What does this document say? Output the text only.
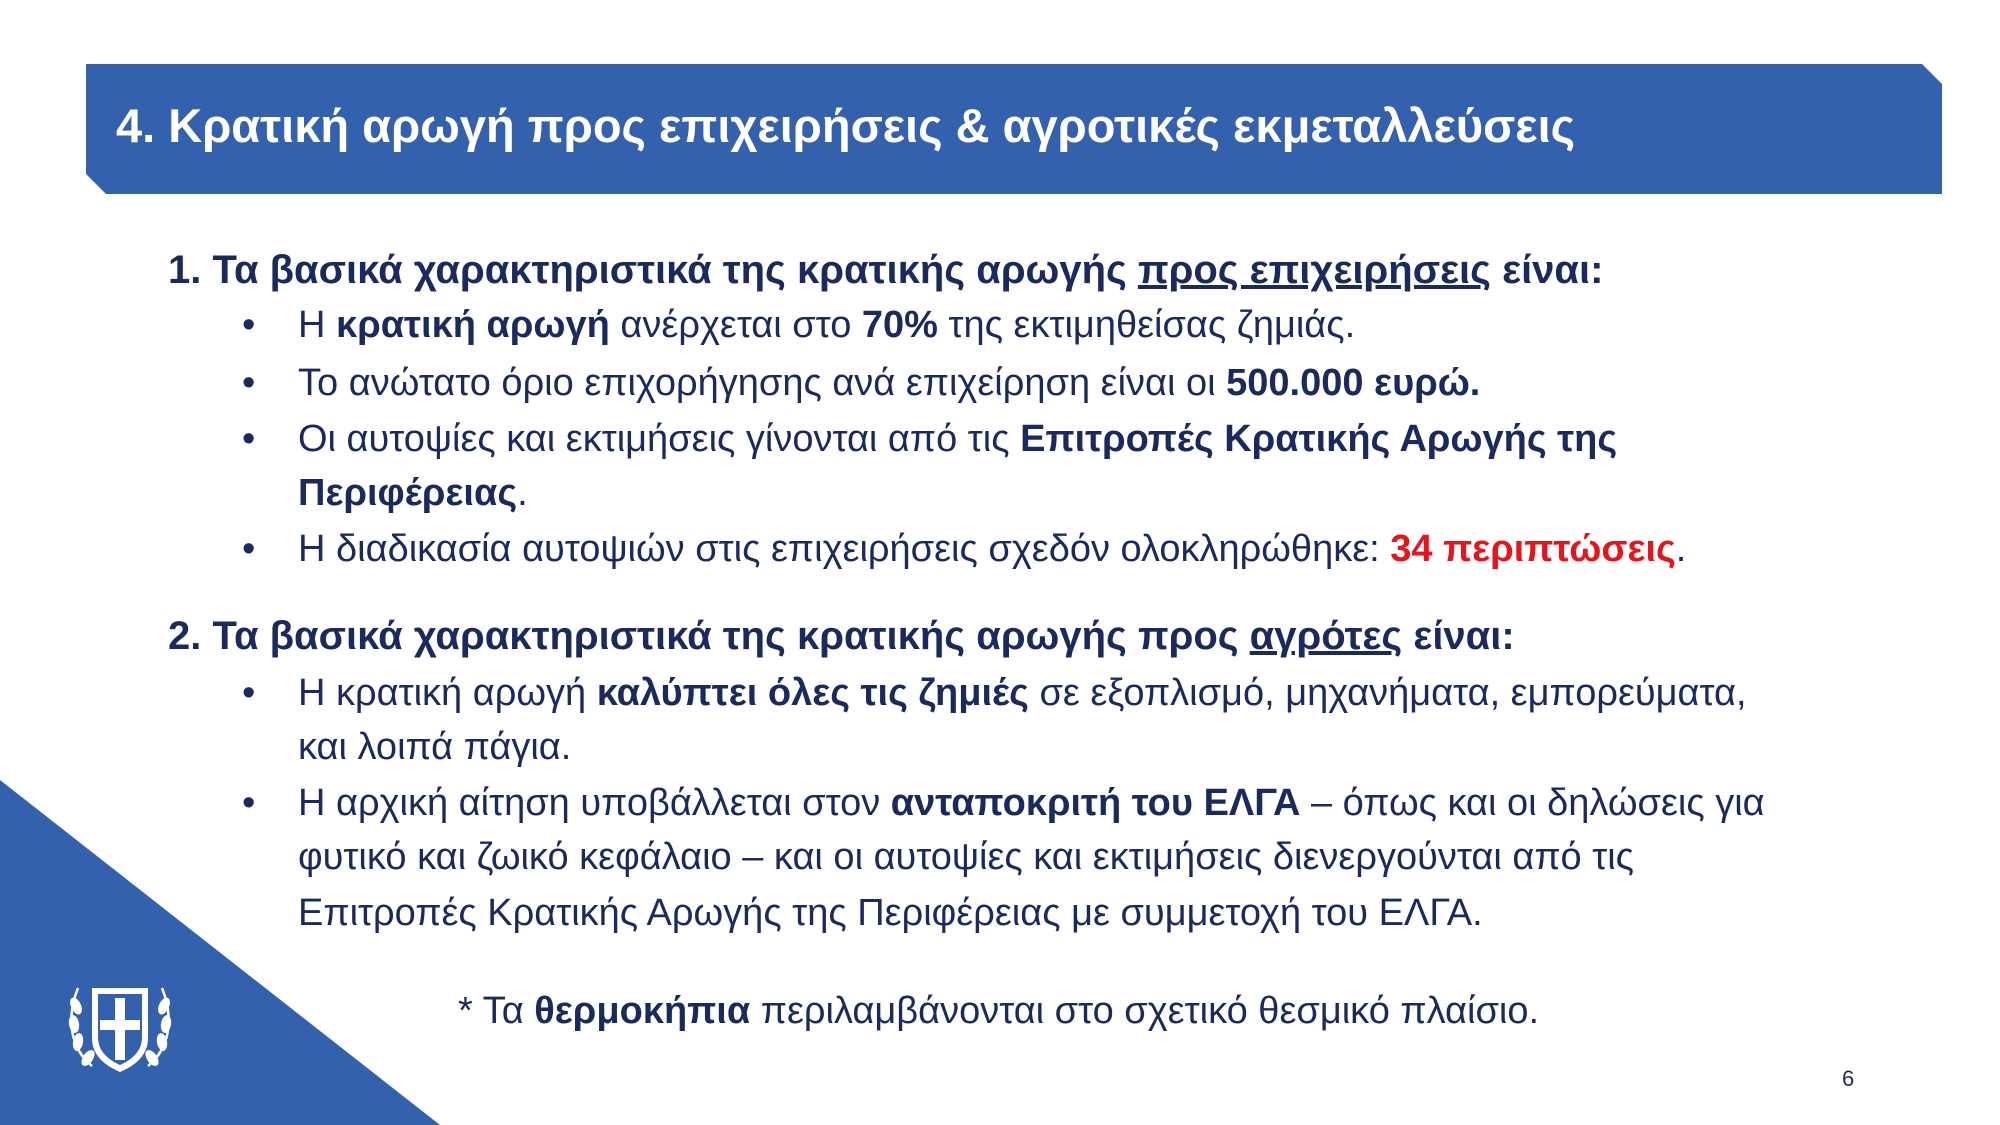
4. Κρατική αρωγή προς επιχειρήσεις & αγροτικές εκμεταλλεύσεις
1. Τα βασικά χαρακτηριστικά της κρατικής αρωγής προς επιχειρήσεις είναι:
• Η κρατική αρωγή ανέρχεται στο 70% της εκτιμηθείσας ζημιάς.
• Το ανώτατο όριο επιχορήγησης ανά επιχείρηση είναι οι 500.000 ευρώ.
• Οι αυτοψίες και εκτιμήσεις γίνονται από τις Επιτροπές Κρατικής Αρωγής της
Περιφέρειας.
• Η διαδικασία αυτοψιών στις επιχειρήσεις σχεδόν ολοκληρώθηκε: 34 περιπτώσεις.
2. Τα βασικά χαρακτηριστικά της κρατικής αρωγής προς αγρότες είναι:
• Η κρατική αρωγή καλύπτει όλες τις ζημιές σε εξοπλισμό, μηχανήματα, εμπορεύματα,
και λοιπά πάγια.
• Η αρχική αίτηση υποβάλλεται στον ανταποκριτή του ΕΛΓΑ – όπως και οι δηλώσεις για
φυτικό και ζωικό κεφάλαιο – και οι αυτοψίες και εκτιμήσεις διενεργούνται από τις
Επιτροπές Κρατικής Αρωγής της Περιφέρειας με συμμετοχή του ΕΛΓΑ.
* Τα θερμοκήπια περιλαμβάνονται στο σχετικό θεσμικό πλαίσιο.
6
